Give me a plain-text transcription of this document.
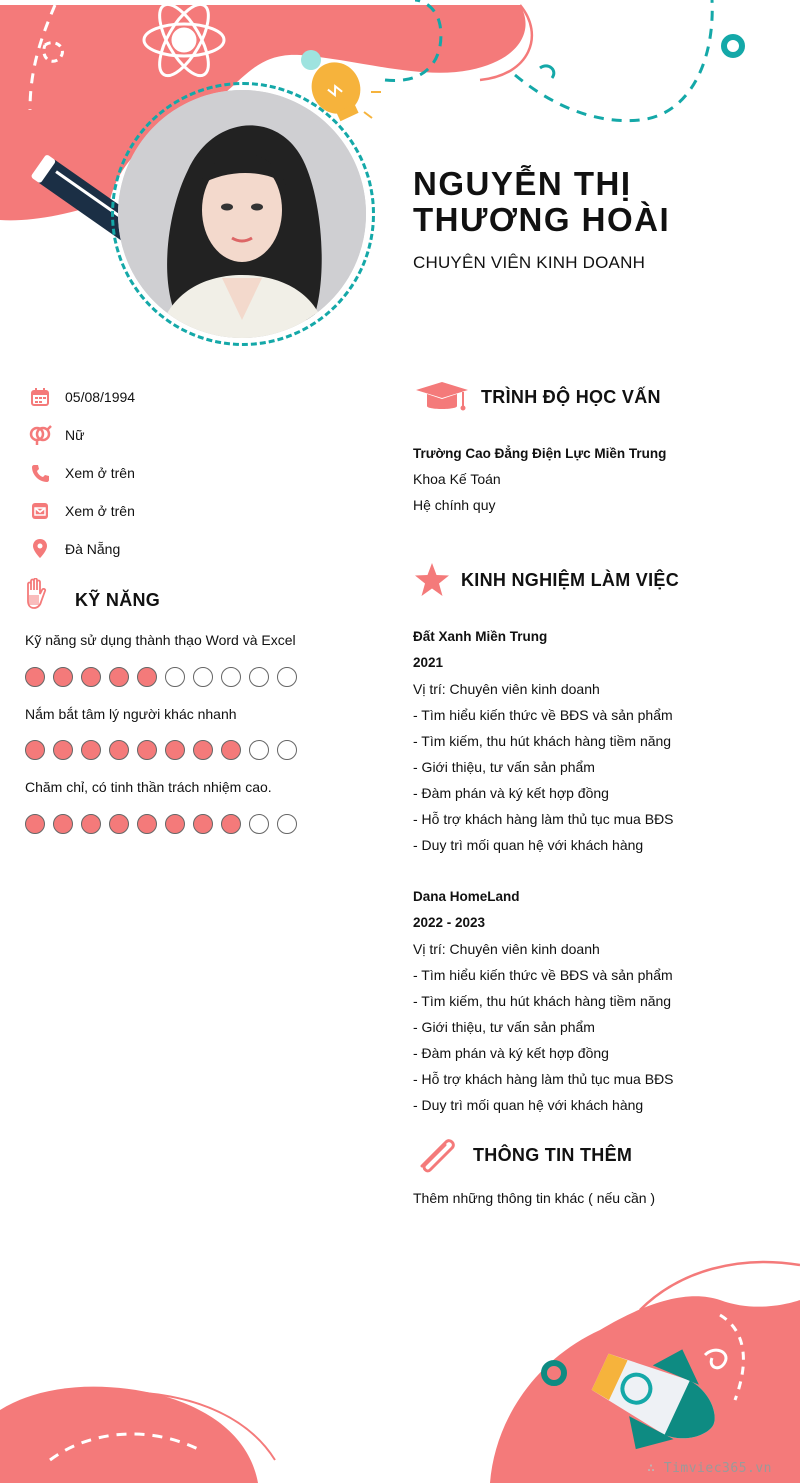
NGUYỄN THỊ THƯƠNG HOÀI
CHUYÊN VIÊN KINH DOANH
05/08/1994
Nữ
Xem ở trên
Xem ở trên
Đà Nẵng
KỸ NĂNG
Kỹ năng sử dụng thành thạo Word và Excel
Nắm bắt tâm lý người khác nhanh
Chăm chỉ, có tinh thần trách nhiệm cao.
TRÌNH ĐỘ HỌC VẤN
Trường Cao Đẳng Điện Lực Miền Trung
Khoa Kế Toán
Hệ chính quy
KINH NGHIỆM LÀM VIỆC
Đất Xanh Miền Trung
2021
Vị trí: Chuyên viên kinh doanh
- Tìm hiểu kiến thức về BĐS và sản phẩm
- Tìm kiếm, thu hút khách hàng tiềm năng
- Giới thiệu, tư vấn sản phẩm
- Đàm phán và ký kết hợp đồng
- Hỗ trợ khách hàng làm thủ tục mua BĐS
- Duy trì mối quan hệ với khách hàng
Dana HomeLand
2022 - 2023
Vị trí: Chuyên viên kinh doanh
- Tìm hiểu kiến thức về BĐS và sản phẩm
- Tìm kiếm, thu hút khách hàng tiềm năng
- Giới thiệu, tư vấn sản phẩm
- Đàm phán và ký kết hợp đồng
- Hỗ trợ khách hàng làm thủ tục mua BĐS
- Duy trì mối quan hệ với khách hàng
THÔNG TIN THÊM
Thêm những thông tin khác ( nếu cần )
∴ Timviec365.vn
